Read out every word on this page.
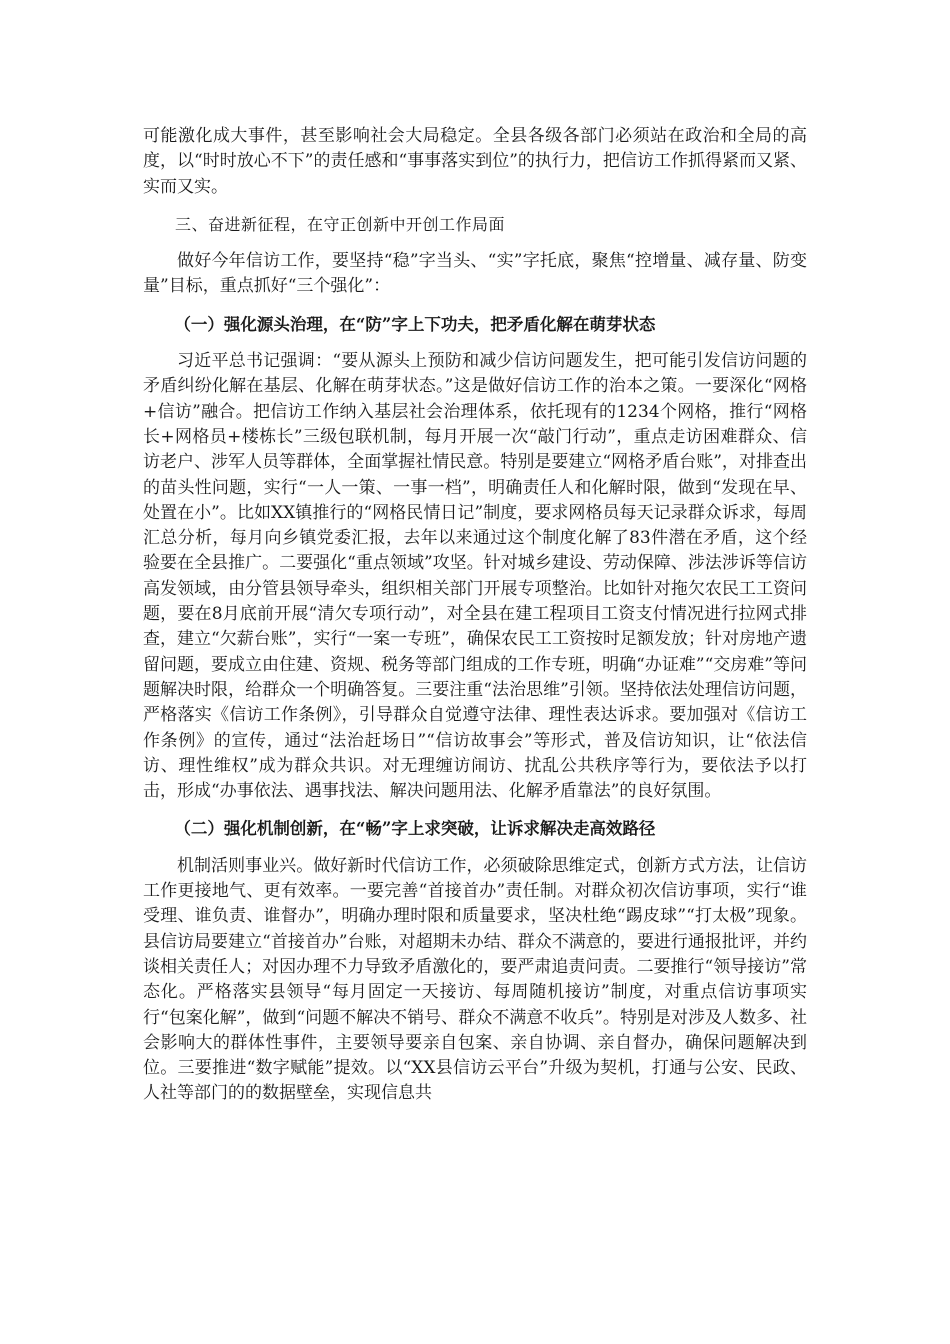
可能激化成大事件，甚至影响社会大局稳定。全县各级各部门必须站在政治和全局的高度，以“时时放心不下”的责任感和“事事落实到位”的执行力，把信访工作抓得紧而又紧、实而又实。

三、奋进新征程，在守正创新中开创工作局面

做好今年信访工作，要坚持“稳”字当头、“实”字托底，聚焦“控增量、减存量、防变量”目标，重点抓好“三个强化”：

（一）强化源头治理，在“防”字上下功夫，把矛盾化解在萌芽状态

习近平总书记强调：“要从源头上预防和减少信访问题发生，把可能引发信访问题的矛盾纠纷化解在基层、化解在萌芽状态。”这是做好信访工作的治本之策。一要深化“网格+信访”融合。把信访工作纳入基层社会治理体系，依托现有的1234个网格，推行“网格长+网格员+楼栋长”三级包联机制，每月开展一次“敲门行动”，重点走访困难群众、信访老户、涉军人员等群体，全面掌握社情民意。特别是要建立“网格矛盾台账”，对排查出的苗头性问题，实行“一人一策、一事一档”，明确责任人和化解时限，做到“发现在早、处置在小”。比如XX镇推行的“网格民情日记”制度，要求网格员每天记录群众诉求，每周汇总分析，每月向乡镇党委汇报，去年以来通过这个制度化解了83件潜在矛盾，这个经验要在全县推广。二要强化“重点领域”攻坚。针对城乡建设、劳动保障、涉法涉诉等信访高发领域，由分管县领导牵头，组织相关部门开展专项整治。比如针对拖欠农民工工资问题，要在8月底前开展“清欠专项行动”，对全县在建工程项目工资支付情况进行拉网式排查，建立“欠薪台账”，实行“一案一专班”，确保农民工工资按时足额发放；针对房地产遗留问题，要成立由住建、资规、税务等部门组成的工作专班，明确“办证难”“交房难”等问题解决时限，给群众一个明确答复。三要注重“法治思维”引领。坚持依法处理信访问题，严格落实《信访工作条例》，引导群众自觉遵守法律、理性表达诉求。要加强对《信访工作条例》的宣传，通过“法治赶场日”“信访故事会”等形式，普及信访知识，让“依法信访、理性维权”成为群众共识。对无理缠访闹访、扰乱公共秩序等行为，要依法予以打击，形成“办事依法、遇事找法、解决问题用法、化解矛盾靠法”的良好氛围。

（二）强化机制创新，在“畅”字上求突破，让诉求解决走高效路径

机制活则事业兴。做好新时代信访工作，必须破除思维定式，创新方式方法，让信访工作更接地气、更有效率。一要完善“首接首办”责任制。对群众初次信访事项，实行“谁受理、谁负责、谁督办”，明确办理时限和质量要求，坚决杜绝“踢皮球”“打太极”现象。县信访局要建立“首接首办”台账，对超期未办结、群众不满意的，要进行通报批评，并约谈相关责任人；对因办理不力导致矛盾激化的，要严肃追责问责。二要推行“领导接访”常态化。严格落实县领导“每月固定一天接访、每周随机接访”制度，对重点信访事项实行“包案化解”，做到“问题不解决不销号、群众不满意不收兵”。特别是对涉及人数多、社会影响大的群体性事件，主要领导要亲自包案、亲自协调、亲自督办，确保问题解决到位。三要推进“数字赋能”提效。以“XX县信访云平台”升级为契机，打通与公安、民政、人社等部门的的数据壁垒，实现信息共
